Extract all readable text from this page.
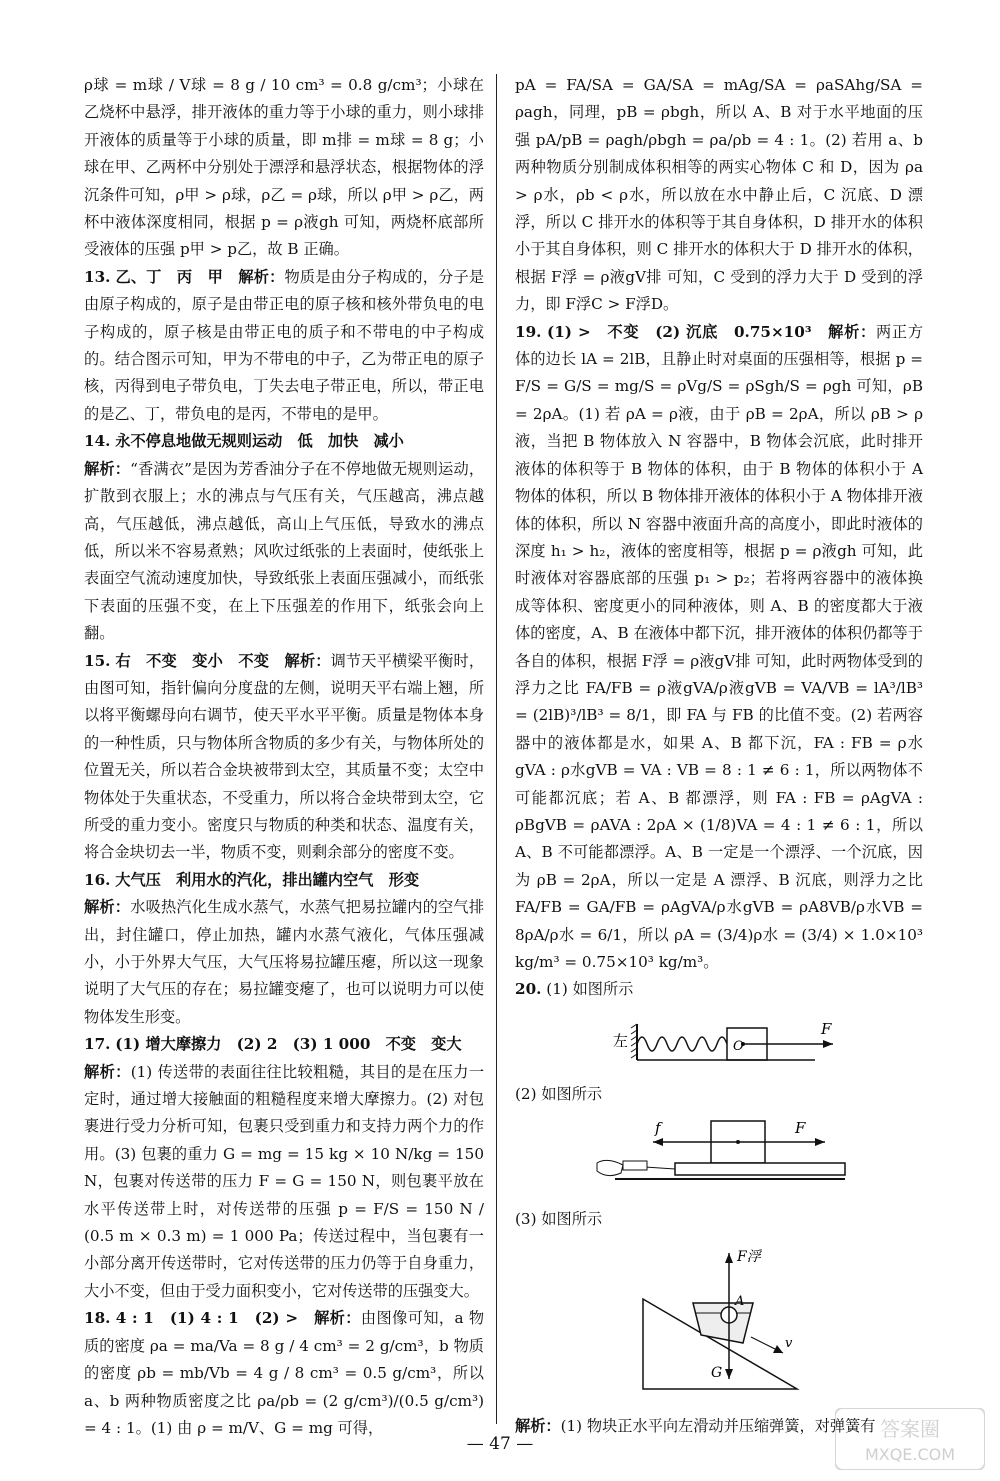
ρ球 = m球 / V球 = 8 g / 10 cm³ = 0.8 g/cm³；小球在乙烧杯中悬浮，排开液体的重力等于小球的重力，则小球排开液体的质量等于小球的质量，即 m排 = m球 = 8 g；小球在甲、乙两杯中分别处于漂浮和悬浮状态，根据物体的浮沉条件可知，ρ甲 > ρ球，ρ乙 = ρ球，所以 ρ甲 > ρ乙，两杯中液体深度相同，根据 p = ρ液gh 可知，两烧杯底部所受液体的压强 p甲 > p乙，故 B 正确。

13. 乙、丁　丙　甲　 解析：物质是由分子构成的，分子是由原子构成的，原子是由带正电的原子核和核外带负电的电子构成的，原子核是由带正电的质子和不带电的中子构成的。结合图示可知，甲为不带电的中子，乙为带正电的原子核，丙得到电子带负电，丁失去电子带正电，所以，带正电的是乙、丁，带负电的是丙，不带电的是甲。

14. 永不停息地做无规则运动　低　加快　减小
解析：“香满衣”是因为芳香油分子在不停地做无规则运动，扩散到衣服上；水的沸点与气压有关，气压越高，沸点越高，气压越低，沸点越低，高山上气压低，导致水的沸点低，所以米不容易煮熟；风吹过纸张的上表面时，使纸张上表面空气流动速度加快，导致纸张上表面压强减小，而纸张下表面的压强不变，在上下压强差的作用下，纸张会向上翻。

15. 右　不变　变小　不变　 解析：调节天平横梁平衡时，由图可知，指针偏向分度盘的左侧，说明天平右端上翘，所以将平衡螺母向右调节，使天平水平平衡。质量是物体本身的一种性质，只与物体所含物质的多少有关，与物体所处的位置无关，所以若合金块被带到太空，其质量不变；太空中物体处于失重状态，不受重力，所以将合金块带到太空，它所受的重力变小。密度只与物质的种类和状态、温度有关，将合金块切去一半，物质不变，则剩余部分的密度不变。

16. 大气压　利用水的汽化，排出罐内空气　形变
解析：水吸热汽化生成水蒸气，水蒸气把易拉罐内的空气排出，封住罐口，停止加热，罐内水蒸气液化，气体压强减小，小于外界大气压，大气压将易拉罐压瘪，所以这一现象说明了大气压的存在；易拉罐变瘪了，也可以说明力可以使物体发生形变。

17. (1) 增大摩擦力　(2) 2　(3) 1 000　不变　变大
解析：(1) 传送带的表面往往比较粗糙，其目的是在压力一定时，通过增大接触面的粗糙程度来增大摩擦力。(2) 对包裹进行受力分析可知，包裹只受到重力和支持力两个力的作用。(3) 包裹的重力 G = mg = 15 kg × 10 N/kg = 150 N，包裹对传送带的压力 F = G = 150 N，则包裹平放在水平传送带上时，对传送带的压强 p = F/S = 150 N / (0.5 m × 0.3 m) = 1 000 Pa；传送过程中，当包裹有一小部分离开传送带时，它对传送带的压力仍等于自身重力，大小不变，但由于受力面积变小，它对传送带的压强变大。

18. 4 : 1　(1) 4 : 1　(2) >　 解析：由图像可知，a 物质的密度 ρa = ma/Va = 8 g / 4 cm³ = 2 g/cm³，b 物质的密度 ρb = mb/Vb = 4 g / 8 cm³ = 0.5 g/cm³，所以 a、b 两种物质密度之比 ρa/ρb = (2 g/cm³)/(0.5 g/cm³) = 4 : 1。(1) 由 ρ = m/V、G = mg 可得，

pA = FA/SA = GA/SA = mAg/SA = ρaSAhg/SA = ρagh，同理，pB = ρbgh，所以 A、B 对于水平地面的压强 pA/pB = ρagh/ρbgh = ρa/ρb = 4 : 1。(2) 若用 a、b 两种物质分别制成体积相等的两实心物体 C 和 D，因为 ρa > ρ水，ρb < ρ水，所以放在水中静止后，C 沉底、D 漂浮，所以 C 排开水的体积等于其自身体积，D 排开水的体积小于其自身体积，则 C 排开水的体积大于 D 排开水的体积，根据 F浮 = ρ液gV排 可知，C 受到的浮力大于 D 受到的浮力，即 F浮C > F浮D。

19. (1) >　不变　(2) 沉底　0.75×10³　 解析：两正方体的边长 lA = 2lB，且静止时对桌面的压强相等，根据 p = F/S = G/S = mg/S = ρVg/S = ρSgh/S = ρgh 可知，ρB = 2ρA。(1) 若 ρA = ρ液，由于 ρB = 2ρA，所以 ρB > ρ液，当把 B 物体放入 N 容器中，B 物体会沉底，此时排开液体的体积等于 B 物体的体积，由于 B 物体的体积小于 A 物体的体积，所以 B 物体排开液体的体积小于 A 物体排开液体的体积，所以 N 容器中液面升高的高度小，即此时液体的深度 h₁ > h₂，液体的密度相等，根据 p = ρ液gh 可知，此时液体对容器底部的压强 p₁ > p₂；若将两容器中的液体换成等体积、密度更小的同种液体，则 A、B 的密度都大于液体的密度，A、B 在液体中都下沉，排开液体的体积仍都等于各自的体积，根据 F浮 = ρ液gV排 可知，此时两物体受到的浮力之比 FA/FB = ρ液gVA/ρ液gVB = VA/VB = lA³/lB³ = (2lB)³/lB³ = 8/1，即 FA 与 FB 的比值不变。(2) 若两容器中的液体都是水，如果 A、B 都下沉，FA : FB = ρ水gVA : ρ水gVB = VA : VB = 8 : 1 ≠ 6 : 1，所以两物体不可能都沉底；若 A、B 都漂浮，则 FA : FB = ρAgVA : ρBgVB = ρAVA : 2ρA × (1/8)VA = 4 : 1 ≠ 6 : 1，所以 A、B 不可能都漂浮。A、B 一定是一个漂浮、一个沉底，因为 ρB = 2ρA，所以一定是 A 漂浮、B 沉底，则浮力之比 FA/FB = GA/FB = ρAgVA/ρ水gVB = ρA8VB/ρ水VB = 8ρA/ρ水 = 6/1，所以 ρA = (3/4)ρ水 = (3/4) × 1.0×10³ kg/m³ = 0.75×10³ kg/m³。

20. (1) 如图所示

左	O
F

(2) 如图所示

f	F

(3) 如图所示

A
F浮
G
v

解析：(1) 物块正水平向左滑动并压缩弹簧，对弹簧有

— 47 —
答案圈
MXQE.COM
